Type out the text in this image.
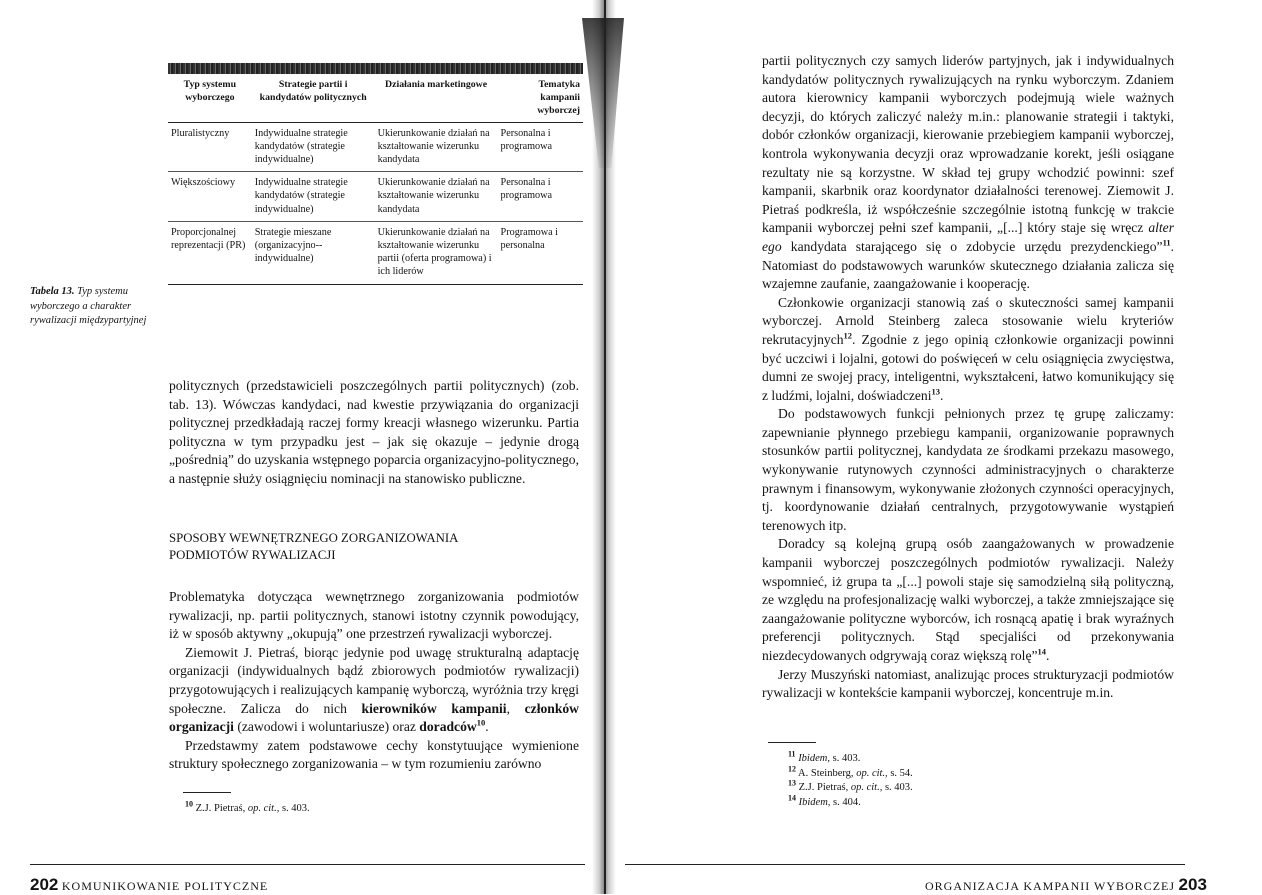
Typ systemu wyborczego	Strategie partii i kandydatów politycznych	Działania marketingowe	Tematyka kampanii wyborczej
Pluralistyczny	Indywidualne strategie kandydatów (strategie indywidualne)	Ukierunkowanie działań na kształtowanie wizerunku kandydata	Personalna i programowa
Większościowy	Indywidualne strategie kandydatów (strategie indywidualne)	Ukierunkowanie działań na kształtowanie wizerunku kandydata	Personalna i programowa
Proporcjonalnej reprezentacji (PR)	Strategie mieszane (organizacyjno--indywidualne)	Ukierunkowanie działań na kształtowanie wizerunku partii (oferta programowa) i ich liderów	Programowa i personalna
Tabela 13. Typ systemu wyborczego a charakter rywalizacji międzypartyjnej

politycznych (przedstawicieli poszczególnych partii politycznych) (zob. tab. 13). Wówczas kandydaci, nad kwestie przywiązania do organizacji politycznej przedkładają raczej formy kreacji własnego wizerunku. Partia polityczna w tym przypadku jest – jak się okazuje – jedynie drogą „pośrednią” do uzyskania wstępnego poparcia organizacyjno-politycznego, a następnie służy osiągnięciu nominacji na stanowisko publiczne.

SPOSOBY WEWNĘTRZNEGO ZORGANIZOWANIA
PODMIOTÓW RYWALIZACJI

Problematyka dotycząca wewnętrznego zorganizowania podmiotów rywalizacji, np. partii politycznych, stanowi istotny czynnik powodujący, iż w sposób aktywny „okupują” one przestrzeń rywalizacji wyborczej.

Ziemowit J. Pietraś, biorąc jedynie pod uwagę strukturalną adaptację organizacji (indywidualnych bądź zbiorowych podmiotów rywalizacji) przygotowujących i realizujących kampanię wyborczą, wyróżnia trzy kręgi społeczne. Zalicza do nich kierowników kampanii, członków organizacji (zawodowi i woluntariusze) oraz doradców$^{10}$.

Przedstawmy zatem podstawowe cechy konstytuujące wymienione struktury społecznego zorganizowania – w tym rozumieniu zarówno

$^{10}$ Z.J. Pietraś, op. cit., s. 403.
202 KOMUNIKOWANIE POLITYCZNE

partii politycznych czy samych liderów partyjnych, jak i indywidualnych kandydatów politycznych rywalizujących na rynku wyborczym. Zdaniem autora kierownicy kampanii wyborczych podejmują wiele ważnych decyzji, do których zaliczyć należy m.in.: planowanie strategii i taktyki, dobór członków organizacji, kierowanie przebiegiem kampanii wyborczej, kontrola wykonywania decyzji oraz wprowadzanie korekt, jeśli osiągane rezultaty nie są korzystne. W skład tej grupy wchodzić powinni: szef kampanii, skarbnik oraz koordynator działalności terenowej. Ziemowit J. Pietraś podkreśla, iż współcześnie szczególnie istotną funkcję w trakcie kampanii wyborczej pełni szef kampanii, „[...] który staje się wręcz alter ego kandydata starającego się o zdobycie urzędu prezydenckiego”$^{11}$. Natomiast do podstawowych warunków skutecznego działania zalicza się wzajemne zaufanie, zaangażowanie i kooperację.

Członkowie organizacji stanowią zaś o skuteczności samej kampanii wyborczej. Arnold Steinberg zaleca stosowanie wielu kryteriów rekrutacyjnych$^{12}$. Zgodnie z jego opinią członkowie organizacji powinni być uczciwi i lojalni, gotowi do poświęceń w celu osiągnięcia zwycięstwa, dumni ze swojej pracy, inteligentni, wykształceni, łatwo komunikujący się z ludźmi, lojalni, doświadczeni$^{13}$.

Do podstawowych funkcji pełnionych przez tę grupę zaliczamy: zapewnianie płynnego przebiegu kampanii, organizowanie poprawnych stosunków partii politycznej, kandydata ze środkami przekazu masowego, wykonywanie rutynowych czynności administracyjnych o charakterze prawnym i finansowym, wykonywanie złożonych czynności operacyjnych, tj. koordynowanie działań centralnych, przygotowywanie wystąpień terenowych itp.

Doradcy są kolejną grupą osób zaangażowanych w prowadzenie kampanii wyborczej poszczególnych podmiotów rywalizacji. Należy wspomnieć, iż grupa ta „[...] powoli staje się samodzielną siłą polityczną, ze względu na profesjonalizację walki wyborczej, a także zmniejszające się zaangażowanie polityczne wyborców, ich rosnącą apatię i brak wyraźnych preferencji politycznych. Stąd specjaliści od przekonywania niezdecydowanych odgrywają coraz większą rolę”$^{14}$.

Jerzy Muszyński natomiast, analizując proces strukturyzacji podmiotów rywalizacji w kontekście kampanii wyborczej, koncentruje m.in.

$^{11}$ Ibidem, s. 403.
$^{12}$ A. Steinberg, op. cit., s. 54.
$^{13}$ Z.J. Pietraś, op. cit., s. 403.
$^{14}$ Ibidem, s. 404.
ORGANIZACJA KAMPANII WYBORCZEJ 203
